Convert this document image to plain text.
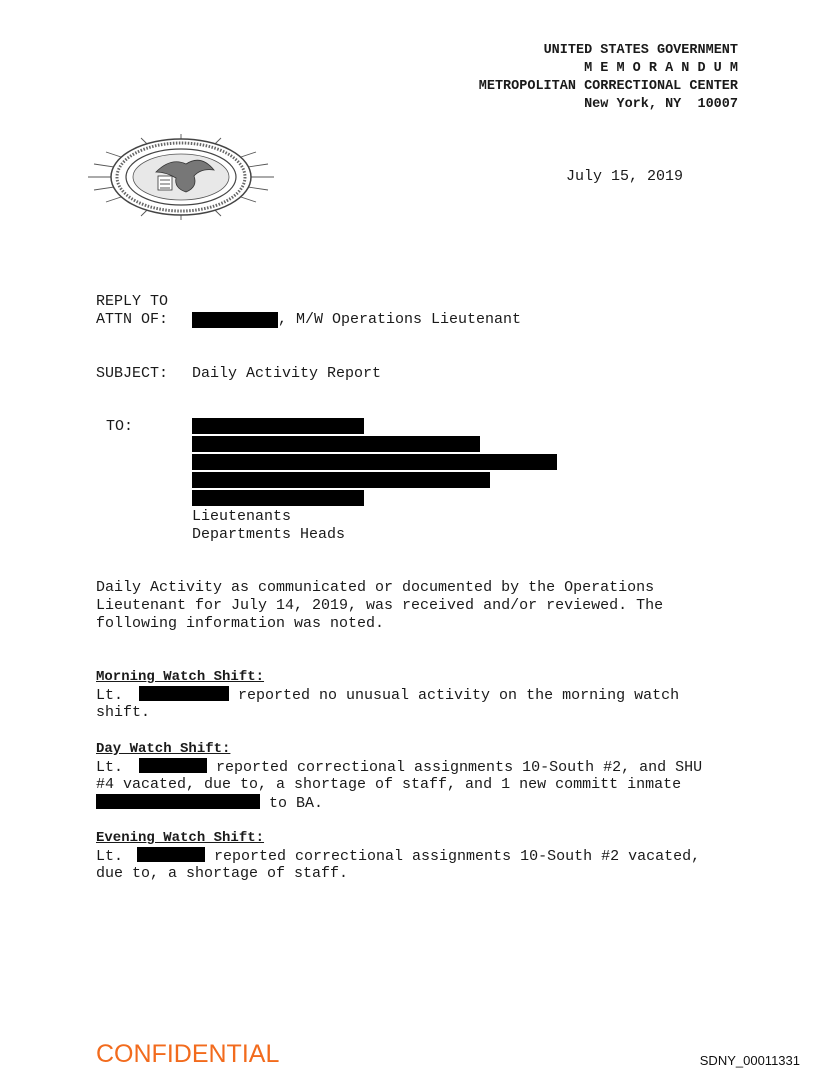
UNITED STATES GOVERNMENT
M E M O R A N D U M
METROPOLITAN CORRECTIONAL CENTER
New York, NY  10007
July 15, 2019
REPLY TO
ATTN OF:	, M/W Operations Lieutenant
SUBJECT: Daily Activity Report
TO:
Lieutenants
Departments Heads
Daily Activity as communicated or documented by the Operations
Lieutenant for July 14, 2019, was received and/or reviewed. The
following information was noted.
Morning Watch Shift:
Lt.	reported no unusual activity on the morning watch
shift.
Day Watch Shift:
Lt.	reported correctional assignments 10-South #2, and SHU
#4 vacated, due to, a shortage of staff, and 1 new committ inmate
to BA.
Evening Watch Shift:
Lt.	reported correctional assignments 10-South #2 vacated,
due to, a shortage of staff.
CONFIDENTIAL	SDNY_00011331
